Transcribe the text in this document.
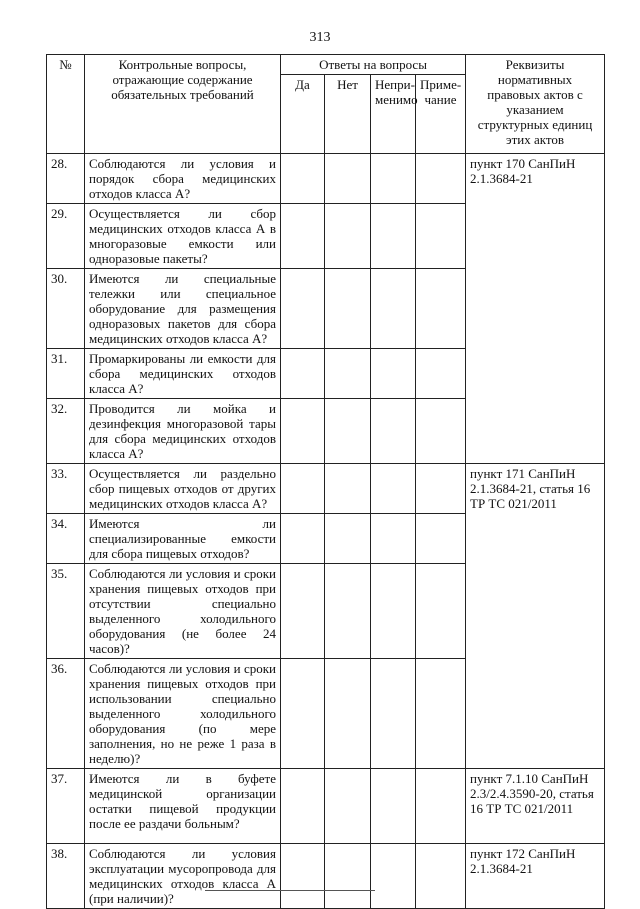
313
№	Контрольные вопросы, отражающие содержание обязательных требований	Ответы на вопросы				Реквизиты нормативных правовых актов с указанием структурных единиц этих актов
		Да	Нет	Непри-менимо	Приме-чание	
28.	Соблюдаются ли условия и порядок сбора медицинских отходов класса А?					пункт 170 СанПиН 2.1.3684-21
29.	Осуществляется ли сбор медицинских отходов класса А в многоразовые емкости или одноразовые пакеты?					
30.	Имеются ли специальные тележки или специальное оборудование для размещения одноразовых пакетов для сбора медицинских отходов класса А?					
31.	Промаркированы ли емкости для сбора медицинских отходов класса А?					
32.	Проводится ли мойка и дезинфекция многоразовой тары для сбора медицинских отходов класса А?					
33.	Осуществляется ли раздельно сбор пищевых отходов от других медицинских отходов класса А?					пункт 171 СанПиН 2.1.3684-21, статья 16 ТР ТС 021/2011
34.	Имеются ли специализированные емкости для сбора пищевых отходов?					
35.	Соблюдаются ли условия и сроки хранения пищевых отходов при отсутствии специально выделенного холодильного оборудования (не более 24 часов)?					
36.	Соблюдаются ли условия и сроки хранения пищевых отходов при использовании специально выделенного холодильного оборудования (по мере заполнения, но не реже 1 раза в неделю)?					
37.	Имеются ли в буфете медицинской организации остатки пищевой продукции после ее раздачи больным?					пункт 7.1.10 СанПиН 2.3/2.4.3590-20, статья 16 ТР ТС 021/2011
38.	Соблюдаются ли условия эксплуатации мусоропровода для медицинских отходов класса А (при наличии)?					пункт 172 СанПиН 2.1.3684-21
